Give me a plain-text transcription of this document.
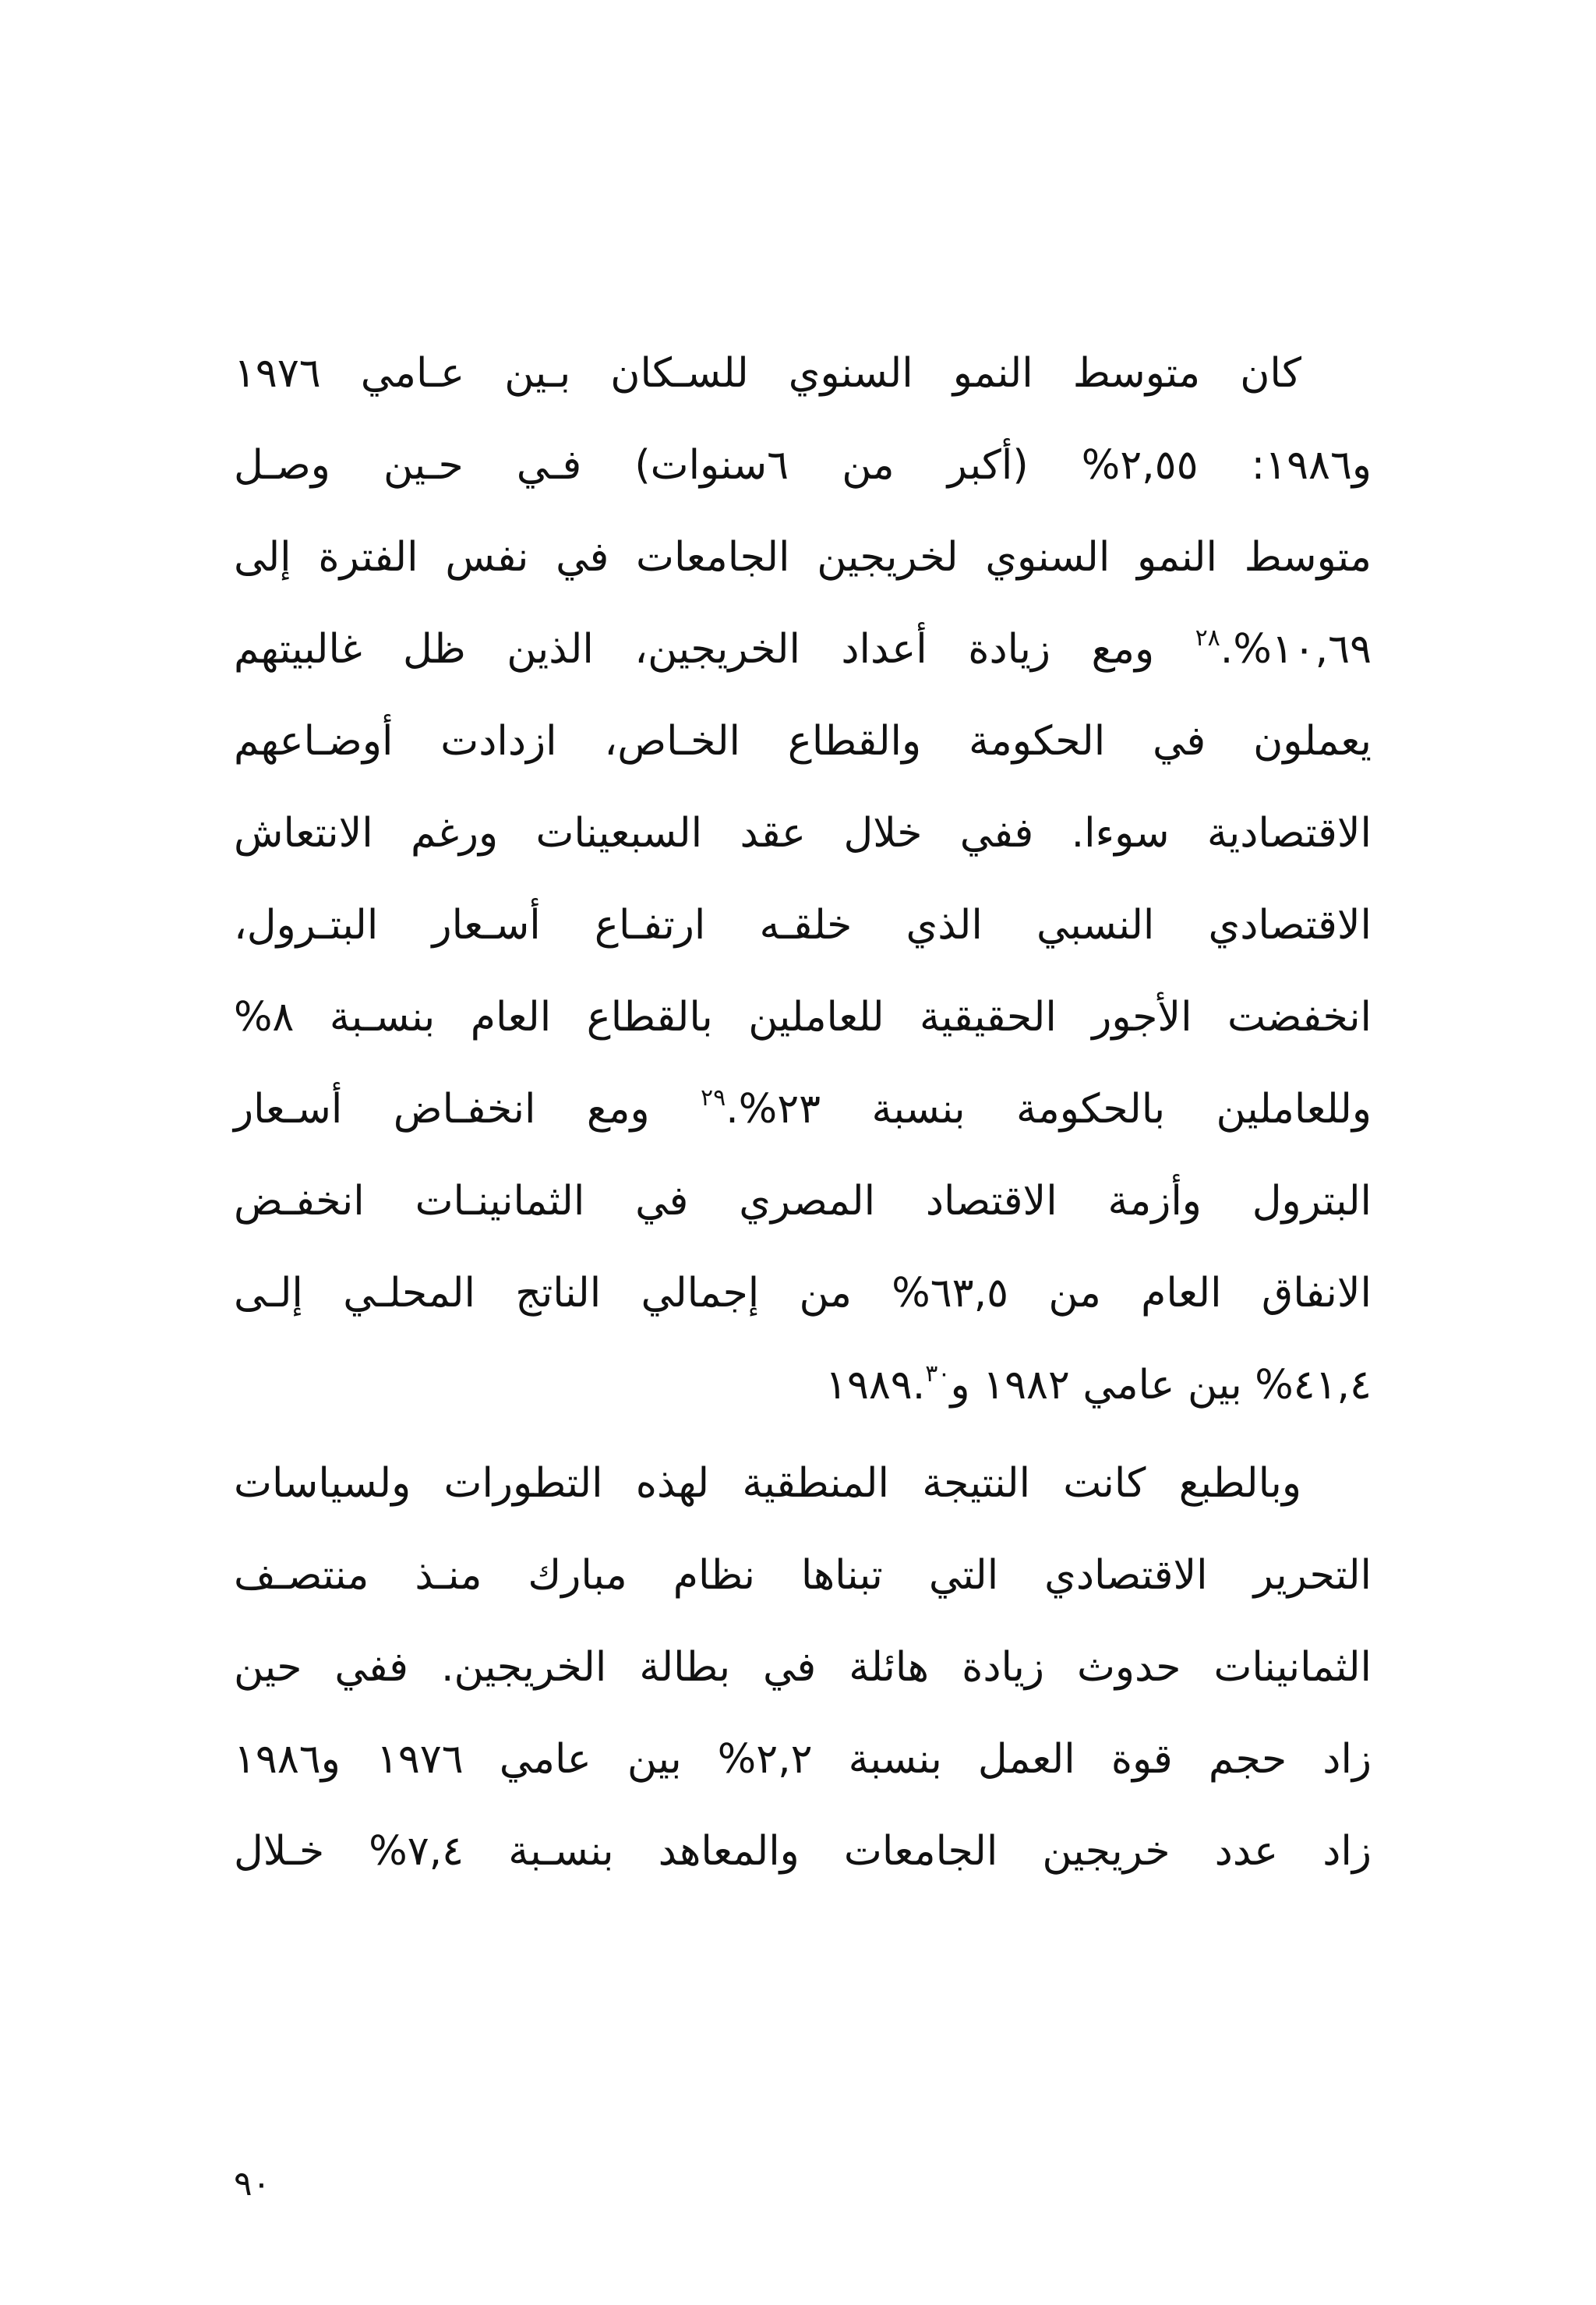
كان متوسط النمو السنوي للسـكان بـين عـامي ١٩٧٦
و١٩٨٦: ٢,٥٥% (أكبر من ٦سنوات) فـي حـين وصـل
متوسط النمو السنوي لخريجين الجامعات في نفس الفترة إلى
١٠,٦٩%.$^{٢٨}$ ومع زيادة أعداد الخريجين، الذين ظل غالبيتهم
يعملون في الحكومة والقطاع الخـاص، ازدادت أوضـاعهم
الاقتصادية سوءا. ففي خلال عقد السبعينات ورغم الانتعاش
الاقتصادي النسبي الذي خلقـه ارتفـاع أسـعار البتـرول،
انخفضت الأجور الحقيقية للعاملين بالقطاع العام بنسـبة ٨%
وللعاملين بالحكومة بنسبة ٢٣%.$^{٢٩}$ ومع انخفـاض أسـعار
البترول وأزمة الاقتصاد المصري في الثمانينـات انخفـض
الانفاق العام من ٦٣,٥% من إجمالي الناتج المحلـي إلـى
٤١,٤% بين عامي ١٩٨٢ و١٩٨٩.٣٠
وبالطبع كانت النتيجة المنطقية لهذه التطورات ولسياسات
التحرير الاقتصادي التي تبناها نظام مبارك منـذ منتصـف
الثمانينات حدوث زيادة هائلة في بطالة الخريجين. ففي حين
زاد حجم قوة العمل بنسبة ٢,٢% بين عامي ١٩٧٦ و١٩٨٦
زاد عدد خريجين الجامعات والمعاهد بنسـبة ٧,٤% خـلال
٩٠
